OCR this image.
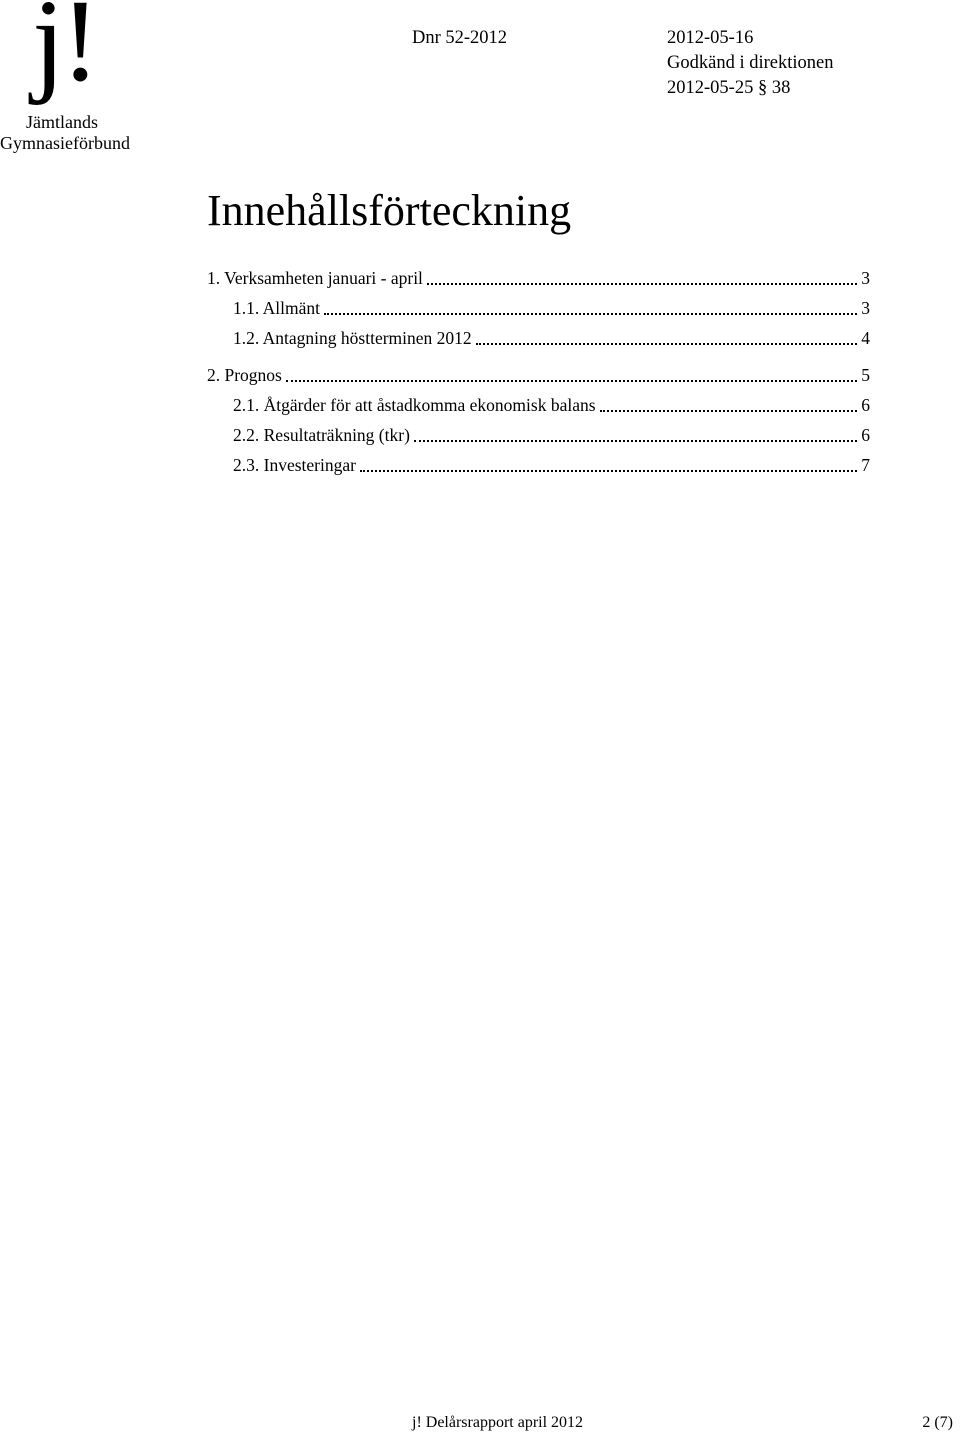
j!
Jämtlands
Gymnasieförbund
Dnr 52-2012	2012-05-16
Godkänd i direktionen
2012-05-25 § 38
Innehållsförteckning
1. Verksamheten januari - april	3
1.1. Allmänt	3
1.2. Antagning höstterminen 2012	4
2. Prognos	5
2.1. Åtgärder för att åstadkomma ekonomisk balans	6
2.2. Resultaträkning (tkr)	6
2.3. Investeringar	7
j! Delårsrapport april 2012	2 (7)
